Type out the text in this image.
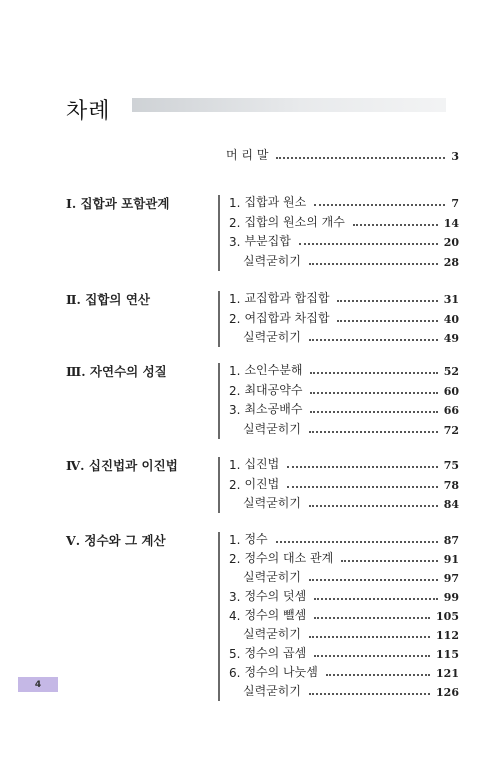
차례
머 리 말	3
Ⅰ. 집합과 포함관계	1. 집합과 원소	7
2. 집합의 원소의 개수	14
3. 부분집합	20
실력굳히기	28
Ⅱ. 집합의 연산	1. 교집합과 합집합	31
2. 여집합과 차집합	40
실력굳히기	49
Ⅲ. 자연수의 성질	1. 소인수분해	52
2. 최대공약수	60
3. 최소공배수	66
실력굳히기	72
Ⅳ. 십진법과 이진법	1. 십진법	75
2. 이진법	78
실력굳히기	84
Ⅴ. 정수와 그 계산	1. 정수	87
2. 정수의 대소 관계	91
실력굳히기	97
3. 정수의 덧셈	99
4. 정수의 뺄셈	105
실력굳히기	112
5. 정수의 곱셈	115
6. 정수의 나눗셈	121
실력굳히기	126
4
